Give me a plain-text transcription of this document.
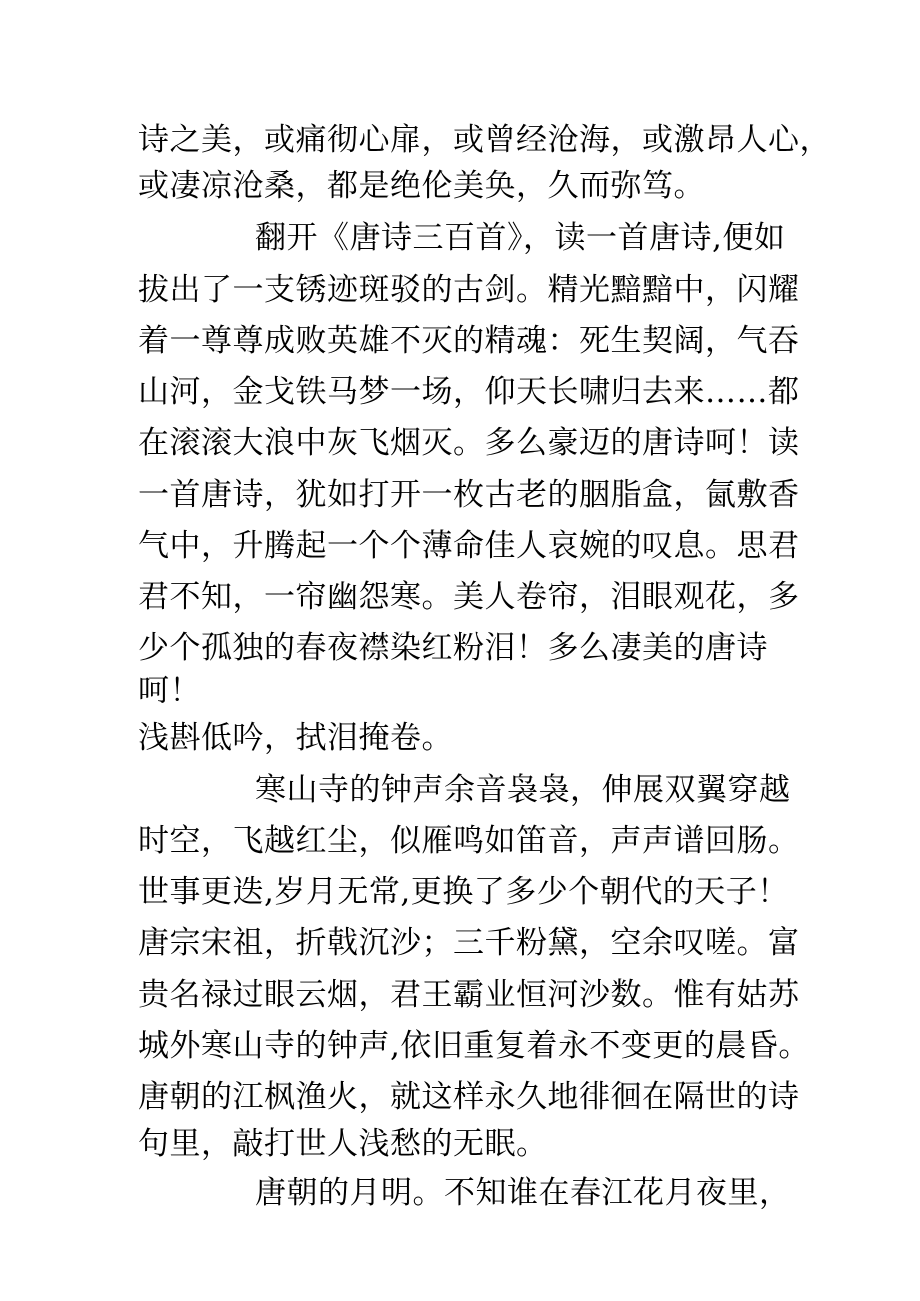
诗之美，或痛彻心扉，或曾经沧海，或激昂人心，
或凄凉沧桑，都是绝伦美奂，久而弥笃。
翻开《唐诗三百首》，读一首唐诗,便如
拔出了一支锈迹斑驳的古剑。精光黯黯中，闪耀
着一尊尊成败英雄不灭的精魂：死生契阔，气吞
山河，金戈铁马梦一场，仰天长啸归去来……都
在滚滚大浪中灰飞烟灭。多么豪迈的唐诗呵！读
一首唐诗，犹如打开一枚古老的胭脂盒，氤敷香
气中，升腾起一个个薄命佳人哀婉的叹息。思君
君不知，一帘幽怨寒。美人卷帘，泪眼观花，多
少个孤独的春夜襟染红粉泪！多么凄美的唐诗
呵！
浅斟低吟，拭泪掩卷。
寒山寺的钟声余音袅袅，伸展双翼穿越
时空，飞越红尘，似雁鸣如笛音，声声谱回肠。
世事更迭,岁月无常,更换了多少个朝代的天子！
唐宗宋祖，折戟沉沙；三千粉黛，空余叹嗟。富
贵名禄过眼云烟，君王霸业恒河沙数。惟有姑苏
城外寒山寺的钟声,依旧重复着永不变更的晨昏。
唐朝的江枫渔火，就这样永久地徘徊在隔世的诗
句里，敲打世人浅愁的无眠。
唐朝的月明。不知谁在春江花月夜里，
